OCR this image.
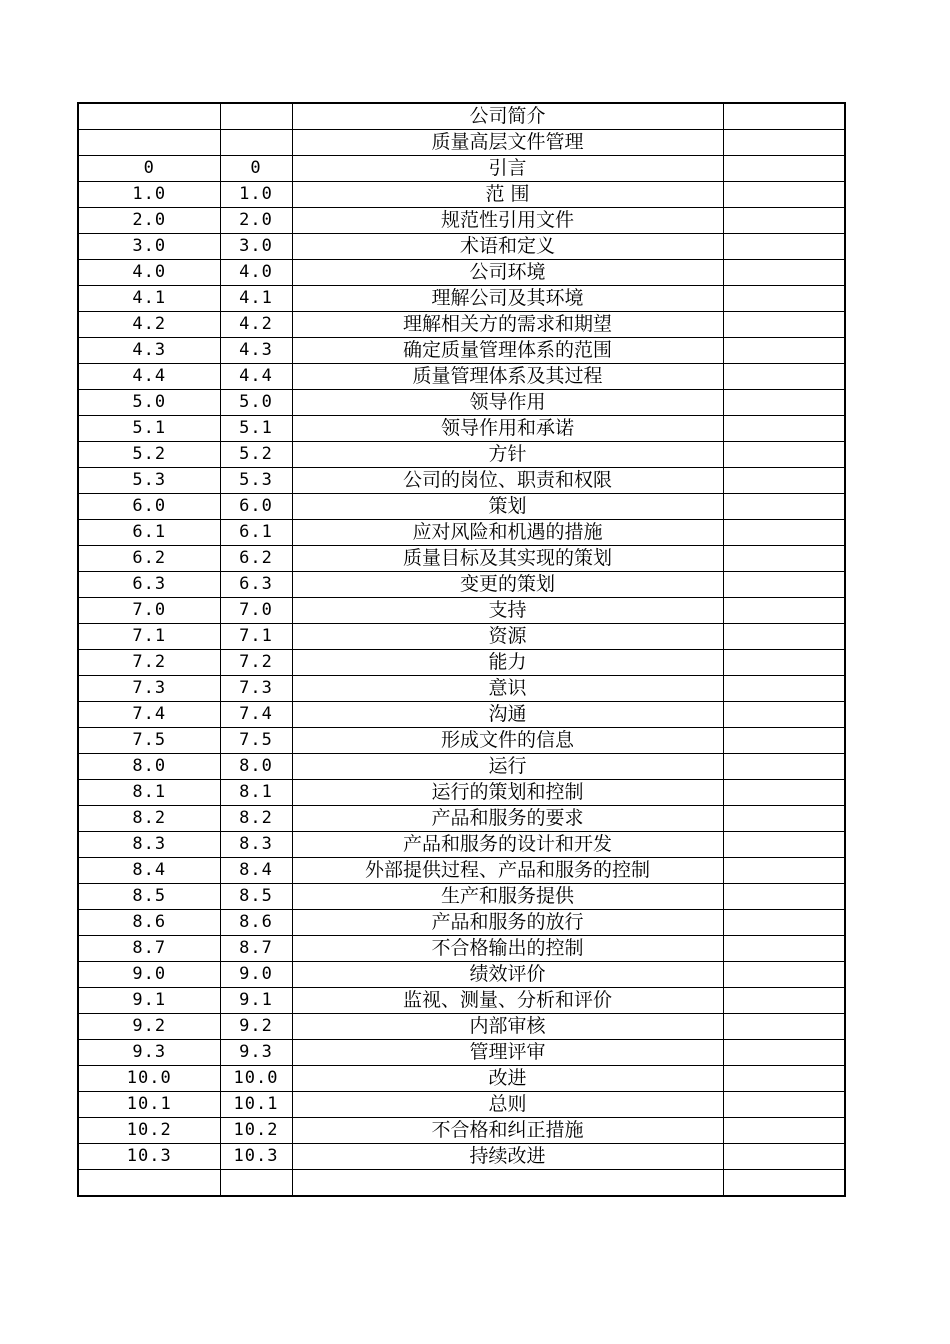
		公司简介	
		质量高层文件管理	
0	0	引言	
1.0	1.0	范 围	
2.0	2.0	规范性引用文件	
3.0	3.0	术语和定义	
4.0	4.0	公司环境	
4.1	4.1	理解公司及其环境	
4.2	4.2	理解相关方的需求和期望	
4.3	4.3	确定质量管理体系的范围	
4.4	4.4	质量管理体系及其过程	
5.0	5.0	领导作用	
5.1	5.1	领导作用和承诺	
5.2	5.2	方针	
5.3	5.3	公司的岗位、职责和权限	
6.0	6.0	策划	
6.1	6.1	应对风险和机遇的措施	
6.2	6.2	质量目标及其实现的策划	
6.3	6.3	变更的策划	
7.0	7.0	支持	
7.1	7.1	资源	
7.2	7.2	能力	
7.3	7.3	意识	
7.4	7.4	沟通	
7.5	7.5	形成文件的信息	
8.0	8.0	运行	
8.1	8.1	运行的策划和控制	
8.2	8.2	产品和服务的要求	
8.3	8.3	产品和服务的设计和开发	
8.4	8.4	外部提供过程、产品和服务的控制	
8.5	8.5	生产和服务提供	
8.6	8.6	产品和服务的放行	
8.7	8.7	不合格输出的控制	
9.0	9.0	绩效评价	
9.1	9.1	监视、测量、分析和评价	
9.2	9.2	内部审核	
9.3	9.3	管理评审	
10.0	10.0	改进	
10.1	10.1	总则	
10.2	10.2	不合格和纠正措施	
10.3	10.3	持续改进	
